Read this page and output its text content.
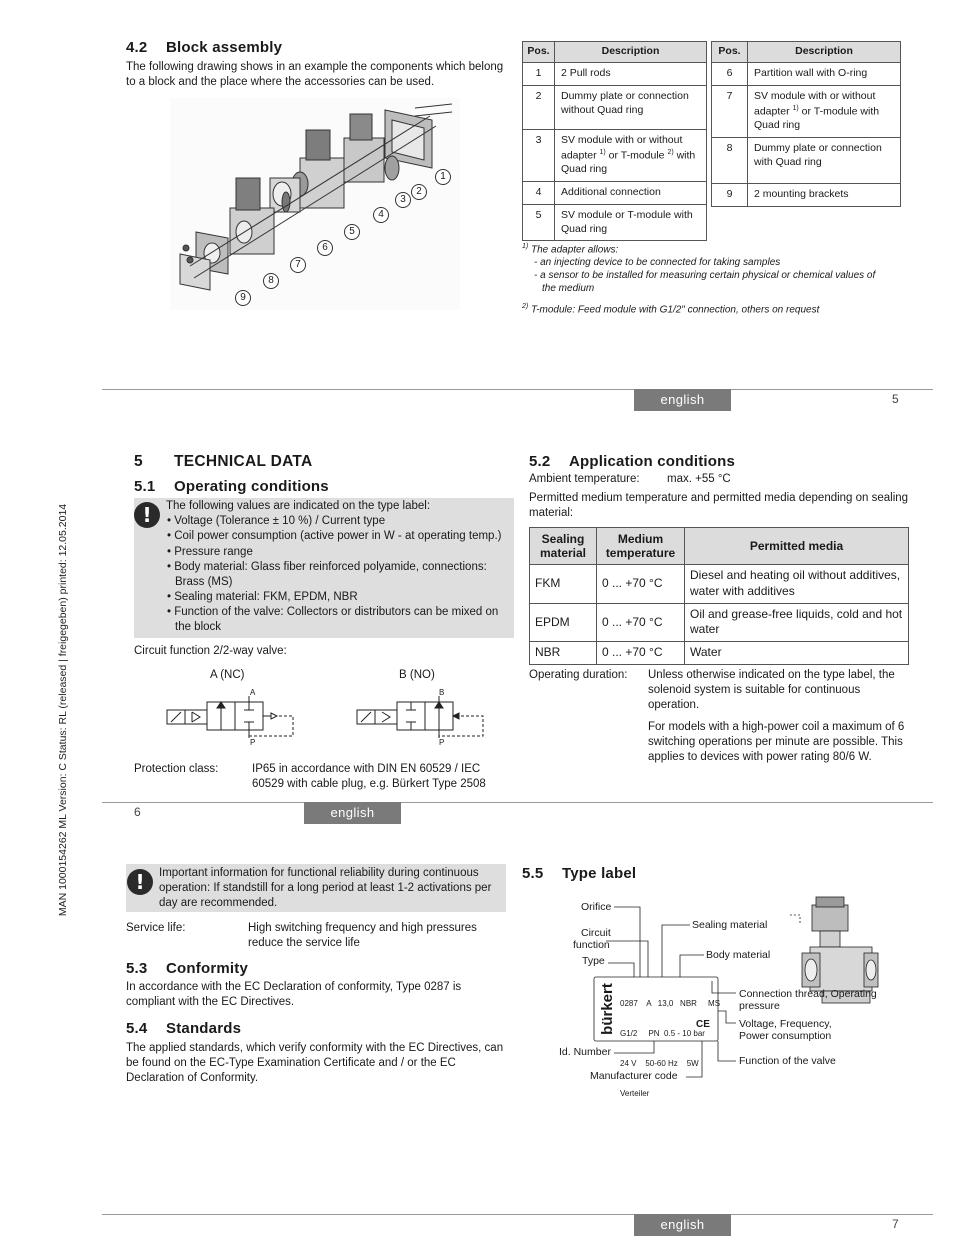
MAN 1000154262 ML Version: C Status: RL (released | freigegeben) printed: 12.05.2014
4.2 Block assembly
The following drawing shows in an example the components which belong to a block and the place where the accessories can be used.
1
2
3
4
5
6
7
8
9
Pos.	Description
1	2 Pull rods
2	Dummy plate or connection without Quad ring
3	SV module with or without adapter $^{1)}$ or T-module $^{2)}$ with Quad ring
4	Additional connection
5	SV module or T-module with Quad ring
Pos.	Description
6	Partition wall with O-ring
7	SV module with or without adapter $^{1)}$ or T-module with Quad ring
8	Dummy plate or connection with Quad ring
9	2 mounting brackets
$^{1)}$ The adapter allows:
- an injecting device to be connected for taking samples
- a sensor to be installed for measuring certain physical or chemical values of
the medium
$^{2)}$ T-module: Feed module with G1/2" connection, others on request
english	5
5 TECHNICAL DATA
5.1 Operating conditions
!	The following values are indicated on the type label:
• Voltage (Tolerance ± 10 %) / Current type
• Coil power consumption (active power in W - at operating temp.)
• Pressure range
• Body material: Glass fiber reinforced polyamide, connections: Brass (MS)
• Sealing material: FKM, EPDM, NBR
• Function of the valve: Collectors or distributors can be mixed on the block
Circuit function 2/2-way valve:
A (NC)	B (NO)
A
P
B
P
Protection class:	IP65 in accordance with DIN EN 60529 / IEC 60529 with cable plug, e.g. Bürkert Type 2508
5.2 Application conditions
Ambient temperature: max. +55 °C
Permitted medium temperature and permitted media depending on sealing material:
Sealing material	Medium temperature	Permitted media
FKM	0 ... +70 °C	Diesel and heating oil without additives, water with additives
EPDM	0 ... +70 °C	Oil and grease-free liquids, cold and hot water
NBR	0 ... +70 °C	Water
Operating duration: Unless otherwise indicated on the type label, the solenoid system is suitable for continuous operation.
For models with a high-power coil a maximum of 6 switching operations per minute are possible. This applies to devices with power rating 80/6 W.
6	english
!	Important information for functional reliability during continuous operation: If standstill for a long period at least 1-2 activations per day are recommended.
Service life:	High switching frequency and high pressures reduce the service life
5.3 Conformity
In accordance with the EC Declaration of conformity, Type 0287 is compliant with the EC Directives.
5.4 Standards
The applied standards, which verify conformity with the EC Directives, can be found on the EC-Type Examination Certificate and / or the EC Declaration of Conformity.
5.5 Type label
bürkert

0287    A   13,0   NBR     MS

G1/2     PN  0.5 - 10 bar

24 V    50-60 Hz    5W

Verteiler

CE
Orifice
Circuit
function
Type
Sealing material
Body material
Connection thread, Operating
pressure
Voltage, Frequency,
Power consumption
Function of the valve
Id. Number
Manufacturer code
english	7
